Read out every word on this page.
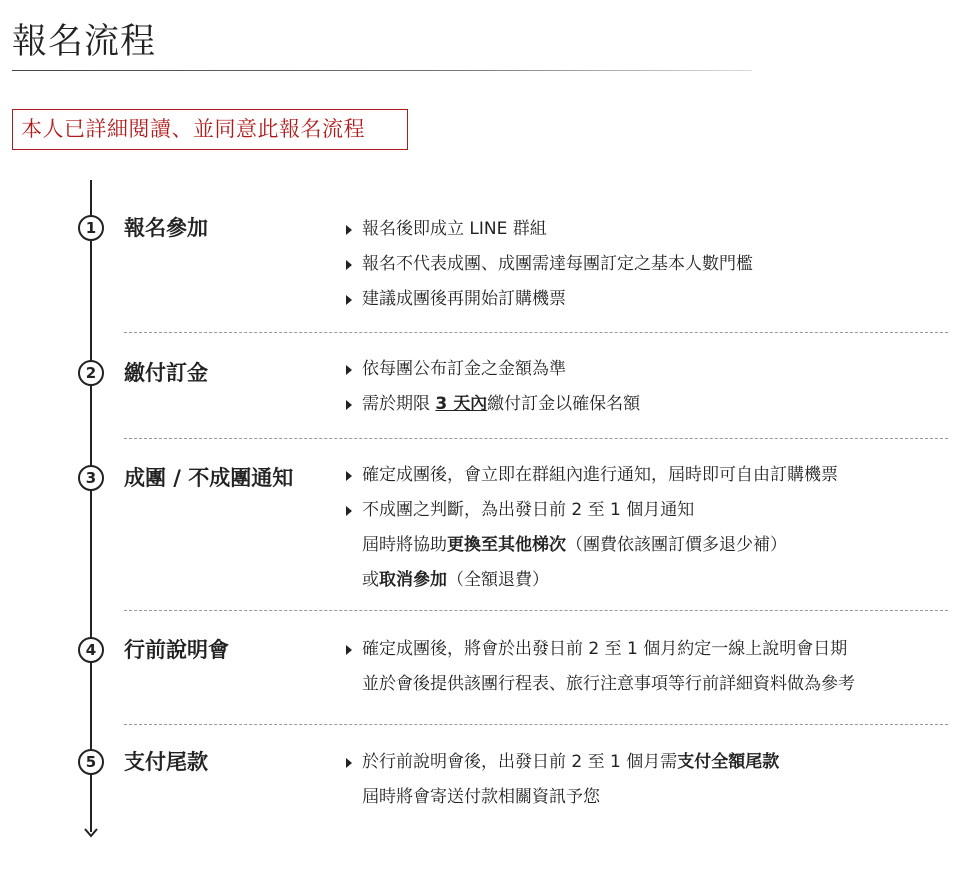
報名流程
本人已詳細閱讀、並同意此報名流程
1	報名參加	報名後即成立 LINE 群組
報名不代表成團、成團需達每團訂定之基本人數門檻
建議成團後再開始訂購機票
2	繳付訂金	依每團公布訂金之金額為準
需於期限 3 天內繳付訂金以確保名額
3	成團 / 不成團通知	確定成團後，會立即在群組內進行通知，屆時即可自由訂購機票
不成團之判斷，為出發日前 2 至 1 個月通知
屆時將協助更換至其他梯次（團費依該團訂價多退少補）
或取消參加（全額退費）
4	行前說明會	確定成團後，將會於出發日前 2 至 1 個月約定一線上說明會日期
並於會後提供該團行程表、旅行注意事項等行前詳細資料做為參考
5	支付尾款	於行前說明會後，出發日前 2 至 1 個月需支付全額尾款
屆時將會寄送付款相關資訊予您
